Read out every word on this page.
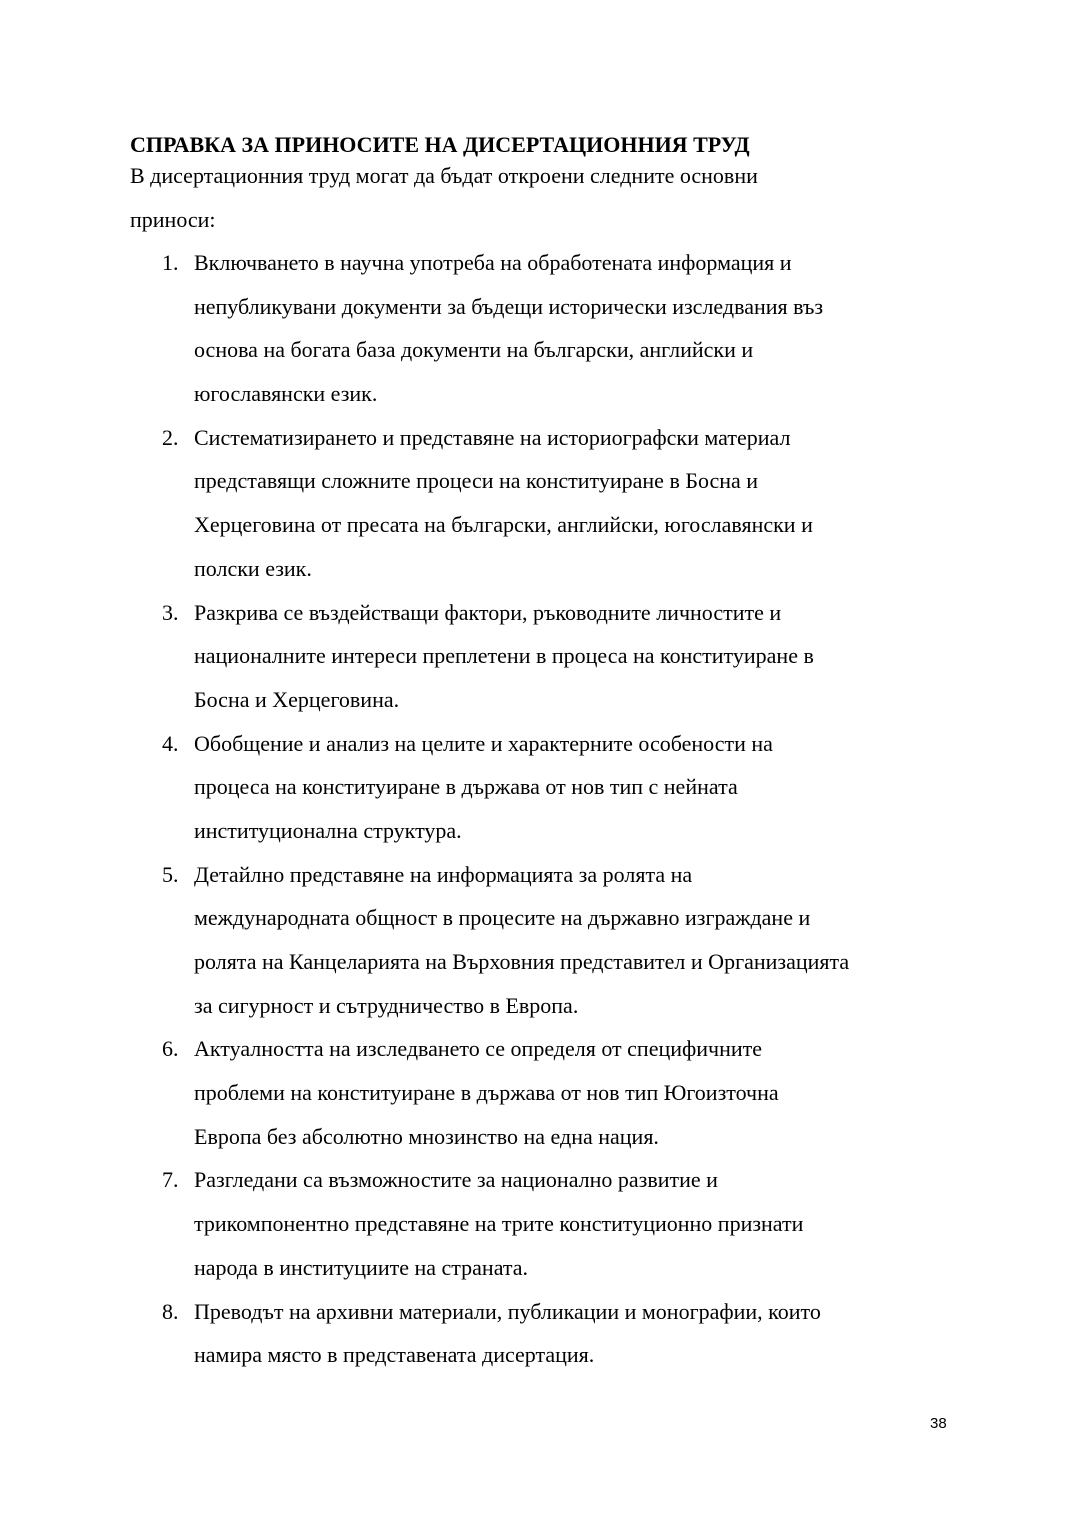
СПРАВКА ЗА ПРИНОСИТЕ НА ДИСЕРТАЦИОННИЯ ТРУД
В дисертационния труд могат да бъдат откроени следните основни
приноси:
1. Включването в научна употреба на обработената информация и
непубликувани документи за бъдещи исторически изследвания въз
основа на богата база документи на български, английски и
югославянски език.
2. Систематизирането и представяне на историографски материал
представящи сложните процеси на конституиране в Босна и
Херцеговина от пресата на български, английски, югославянски и
полски език.
3. Разкрива се въздействащи фактори, ръководните личностите и
националните интереси преплетени в процеса на конституиране в
Босна и Херцеговина.
4. Обобщение и анализ на целите и характерните особености на
процеса на конституиране в държава от нов тип с нейната
институционална структура.
5. Детайлно представяне на информацията за ролята на
международната общност в процесите на държавно изграждане и
ролята на Канцеларията на Върховния представител и Организацията
за сигурност и сътрудничество в Европа.
6. Актуалността на изследването се определя от специфичните
проблеми на конституиране в държава от нов тип Югоизточна
Европа без абсолютно мнозинство на една нация.
7. Разгледани са възможностите за национално развитие и
трикомпонентно представяне на трите конституционно признати
народа в институциите на страната.
8. Преводът на архивни материали, публикации и монографии, които
намира място в представената дисертация.
38
